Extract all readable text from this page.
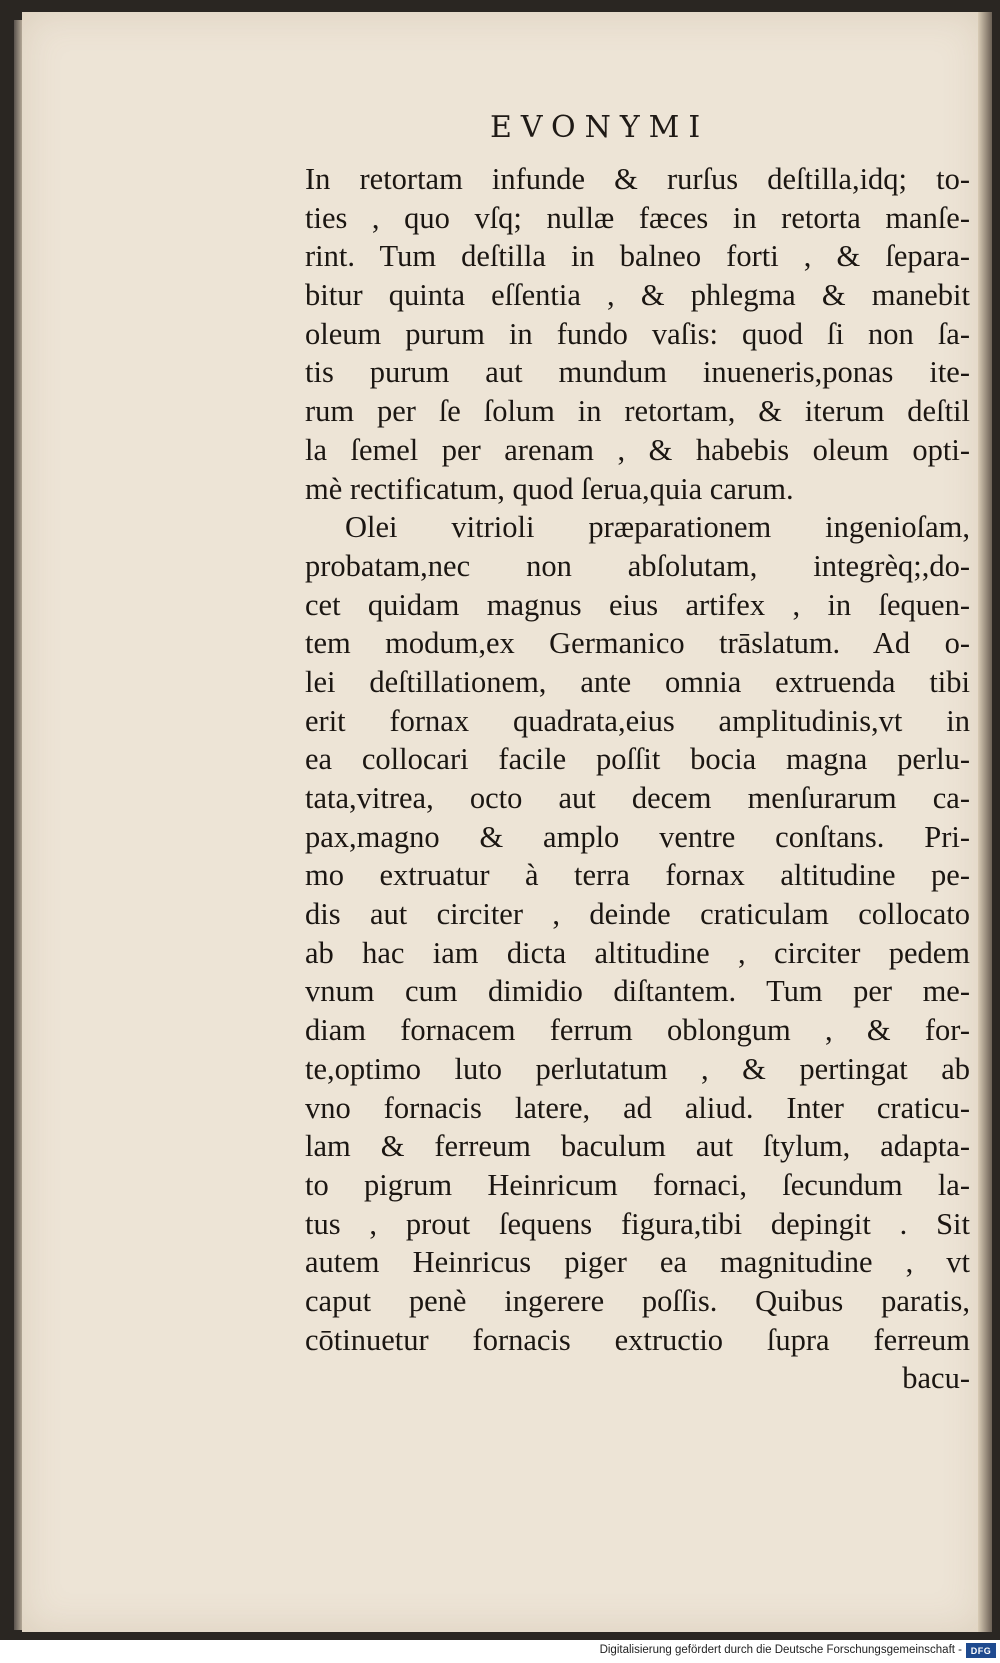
EVONYMI
In retortam infunde & rurſus deſtilla,idq; to-
ties , quo vſq; nullæ fæces in retorta manſe-
rint. Tum deſtilla in balneo forti , & ſepara-
bitur quinta eſſentia , & phlegma & manebit
oleum purum in fundo vaſis: quod ſi non ſa-
tis purum aut mundum inueneris,ponas ite-
rum per ſe ſolum in retortam, & iterum deſtil
la ſemel per arenam , & habebis oleum opti-
mè rectificatum, quod ſerua,quia carum.
Olei vitrioli præparationem ingenioſam,
probatam,nec non abſolutam, integrèq;,do-
cet quidam magnus eius artifex , in ſequen-
tem modum,ex Germanico trāslatum. Ad o-
lei deſtillationem, ante omnia extruenda tibi
erit fornax quadrata,eius amplitudinis,vt in
ea collocari facile poſſit bocia magna perlu-
tata,vitrea, octo aut decem menſurarum ca-
pax,magno & amplo ventre conſtans. Pri-
mo extruatur à terra fornax altitudine pe-
dis aut circiter , deinde craticulam collocato
ab hac iam dicta altitudine , circiter pedem
vnum cum dimidio diſtantem. Tum per me-
diam fornacem ferrum oblongum , & for-
te,optimo luto perlutatum , & pertingat ab
vno fornacis latere, ad aliud. Inter craticu-
lam & ferreum baculum aut ſtylum, adapta-
to pigrum Heinricum fornaci, ſecundum la-
tus , prout ſequens figura,tibi depingit . Sit
autem Heinricus piger ea magnitudine , vt
caput penè ingerere poſſis. Quibus paratis,
cōtinuetur fornacis extructio ſupra ferreum
bacu-
Digitalisierung gefördert durch die Deutsche Forschungsgemeinschaft - DFG
